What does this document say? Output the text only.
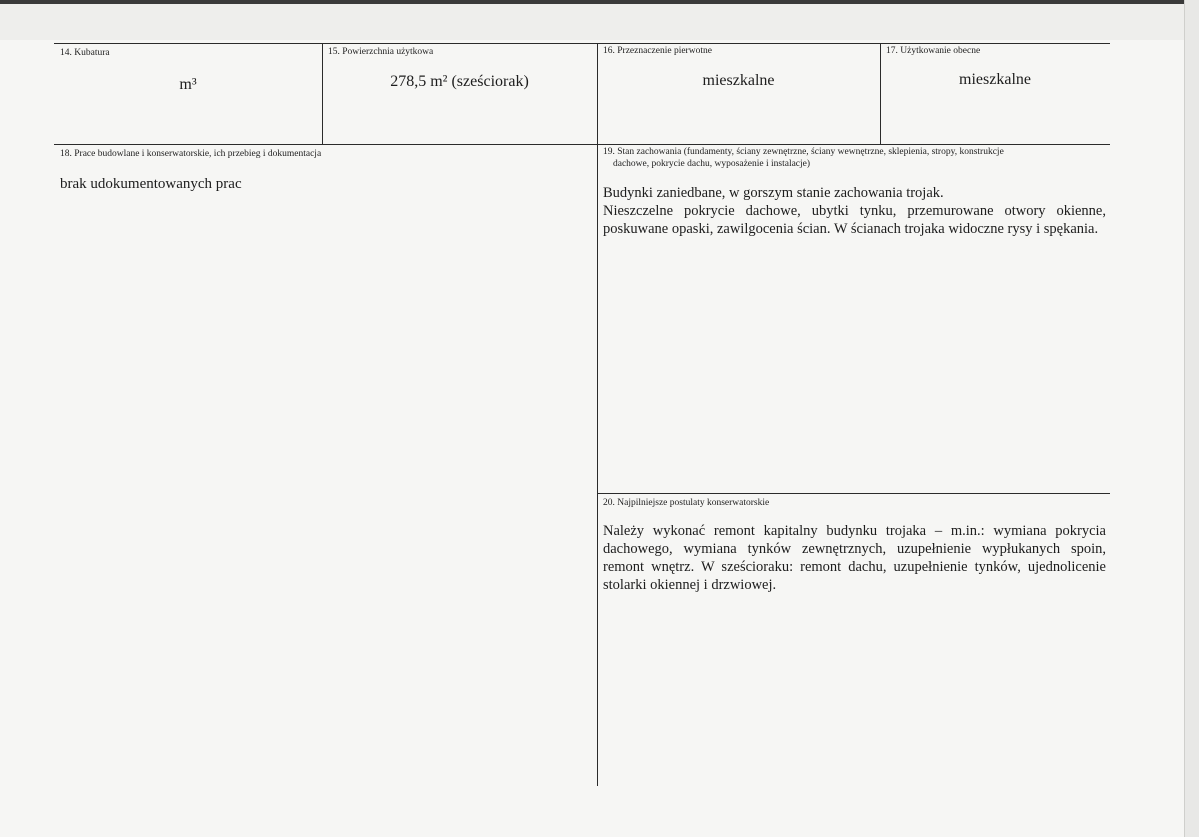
14. Kubatura
m³
15. Powierzchnia użytkowa
278,5 m² (sześciorak)
16. Przeznaczenie pierwotne
mieszkalne
17. Użytkowanie obecne
mieszkalne
18. Prace budowlane i konserwatorskie, ich przebieg i dokumentacja
brak udokumentowanych prac
19. Stan zachowania (fundamenty, ściany zewnętrzne, ściany wewnętrzne, sklepienia, stropy, konstrukcje
dachowe, pokrycie dachu, wyposażenie i instalacje)
Budynki zaniedbane, w gorszym stanie zachowania trojak.
Nieszczelne pokrycie dachowe, ubytki tynku, przemurowane otwory okienne, poskuwane opaski, zawilgocenia ścian. W ścianach trojaka widoczne rysy i spękania.
20. Najpilniejsze postulaty konserwatorskie
Należy wykonać remont kapitalny budynku trojaka – m.in.: wymiana pokrycia dachowego, wymiana tynków zewnętrznych, uzupełnienie wypłukanych spoin, remont wnętrz. W sześcioraku: remont dachu, uzupełnienie tynków, ujednolicenie stolarki okiennej i drzwiowej.
